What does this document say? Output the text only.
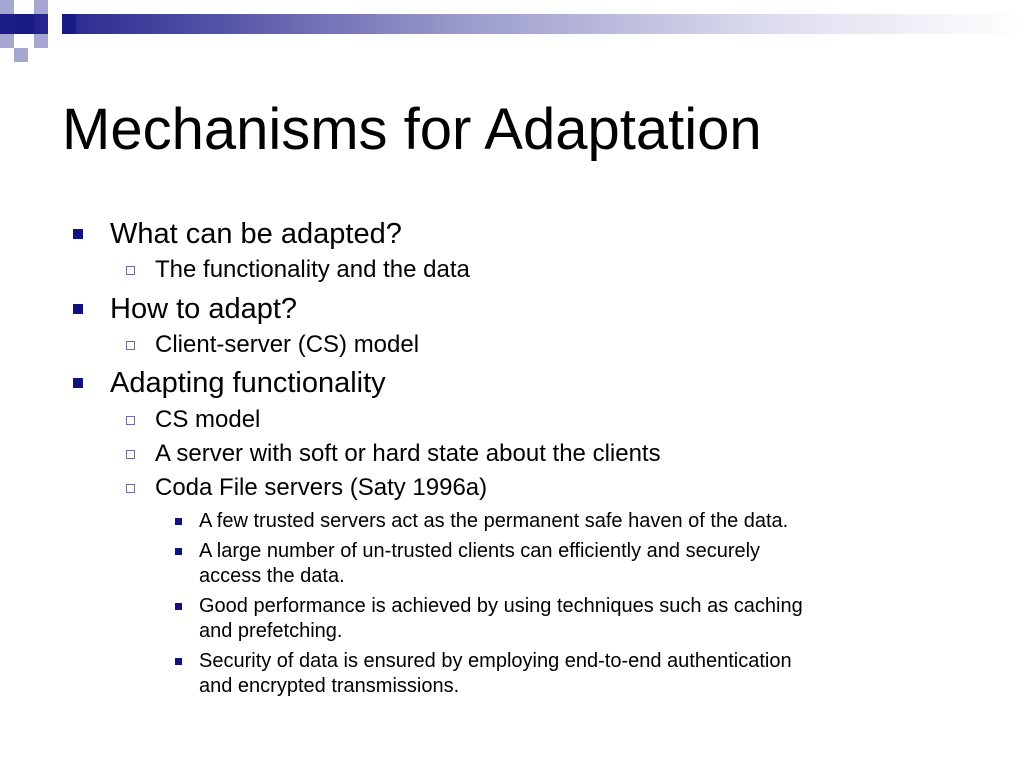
Mechanisms for Adaptation
What can be adapted?
The functionality and the data
How to adapt?
Client-server (CS) model
Adapting functionality
CS model
A server with soft or hard state about the clients
Coda File servers (Saty 1996a)
A few trusted servers act as the permanent safe haven of the data.
A large number of un-trusted clients can efficiently and securely
access the data.
Good performance is achieved by using techniques such as caching
and prefetching.
Security of data is ensured by employing end-to-end authentication
and encrypted transmissions.
